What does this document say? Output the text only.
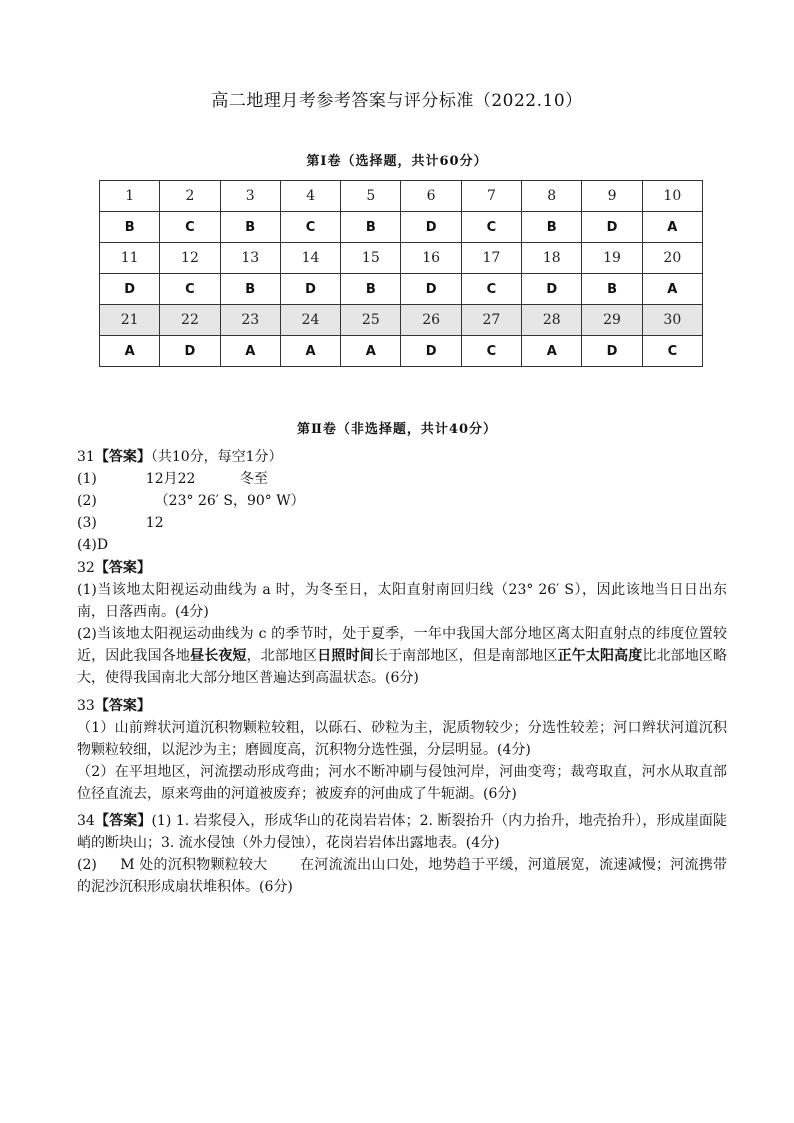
高二地理月考参考答案与评分标准（2022.10）
第Ⅰ卷（选择题，共计60分）
1	2	3	4	5	6	7	8	9	10
B	C	B	C	B	D	C	B	D	A
11	12	13	14	15	16	17	18	19	20
D	C	B	D	B	D	C	D	B	A
21	22	23	24	25	26	27	28	29	30
A	D	A	A	A	D	C	A	D	C
第Ⅱ卷（非选择题，共计40分）
31【答案】（共10分，每空1分）
(1)           12月22          冬至
(2)             （23° 26′ S，90° W）
(3)           12
(4)D
32【答案】
(1)当该地太阳视运动曲线为 a 时，为冬至日，太阳直射南回归线（23° 26′ S），因此该地当日日出东南，日落西南。(4分)
(2)当该地太阳视运动曲线为 c 的季节时，处于夏季，一年中我国大部分地区离太阳直射点的纬度位置较近，因此我国各地昼长夜短，北部地区日照时间长于南部地区，但是南部地区正午太阳高度比北部地区略大，使得我国南北大部分地区普遍达到高温状态。(6分)
33【答案】
（1）山前辫状河道沉积物颗粒较粗，以砾石、砂粒为主，泥质物较少；分选性较差；河口辫状河道沉积物颗粒较细，以泥沙为主；磨圆度高，沉积物分选性强，分层明显。(4分)
（2）在平坦地区，河流摆动形成弯曲；河水不断冲刷与侵蚀河岸，河曲变弯；裁弯取直，河水从取直部位径直流去，原来弯曲的河道被废弃；被废弃的河曲成了牛轭湖。(6分)
34【答案】(1) 1. 岩浆侵入，形成华山的花岗岩岩体；2. 断裂抬升（内力抬升，地壳抬升），形成崖面陡峭的断块山；3. 流水侵蚀（外力侵蚀），花岗岩岩体出露地表。(4分)
(2)     M 处的沉积物颗粒较大       在河流流出山口处，地势趋于平缓，河道展宽，流速减慢；河流携带的泥沙沉积形成扇状堆积体。(6分)
